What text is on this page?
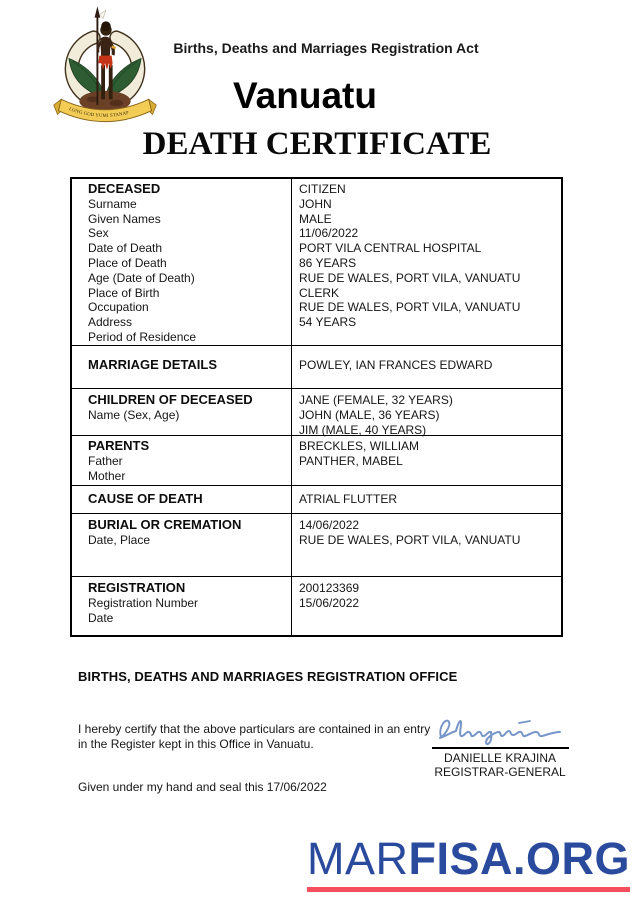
LONG GOD YUMI STANAP
Births, Deaths and Marriages Registration Act
Vanuatu
DEATH CERTIFICATE
DECEASED
Surname
Given Names
Sex
Date of Death
Place of Death
Age (Date of Death)
Place of Birth
Occupation
Address
Period of Residence
CITIZEN
JOHN
MALE
11/06/2022
PORT VILA CENTRAL HOSPITAL
86 YEARS
RUE DE WALES, PORT VILA, VANUATU
CLERK
RUE DE WALES, PORT VILA, VANUATU
54 YEARS
MARRIAGE DETAILS	POWLEY, IAN FRANCES EDWARD
CHILDREN OF DECEASED
Name (Sex, Age)
JANE (FEMALE, 32 YEARS)
JOHN (MALE, 36 YEARS)
JIM (MALE, 40 YEARS)
PARENTS
Father
Mother
BRECKLES, WILLIAM
PANTHER, MABEL
CAUSE OF DEATH	ATRIAL FLUTTER
BURIAL OR CREMATION
Date, Place
14/06/2022
RUE DE WALES, PORT VILA, VANUATU
REGISTRATION
Registration Number
Date
200123369
15/06/2022
BIRTHS, DEATHS AND MARRIAGES REGISTRATION OFFICE
I hereby certify that the above particulars are contained in an entry
in the Register kept in this Office in Vanuatu.
DANIELLE KRAJINA
REGISTRAR-GENERAL
Given under my hand and seal this 17/06/2022
MARFISA.ORG
